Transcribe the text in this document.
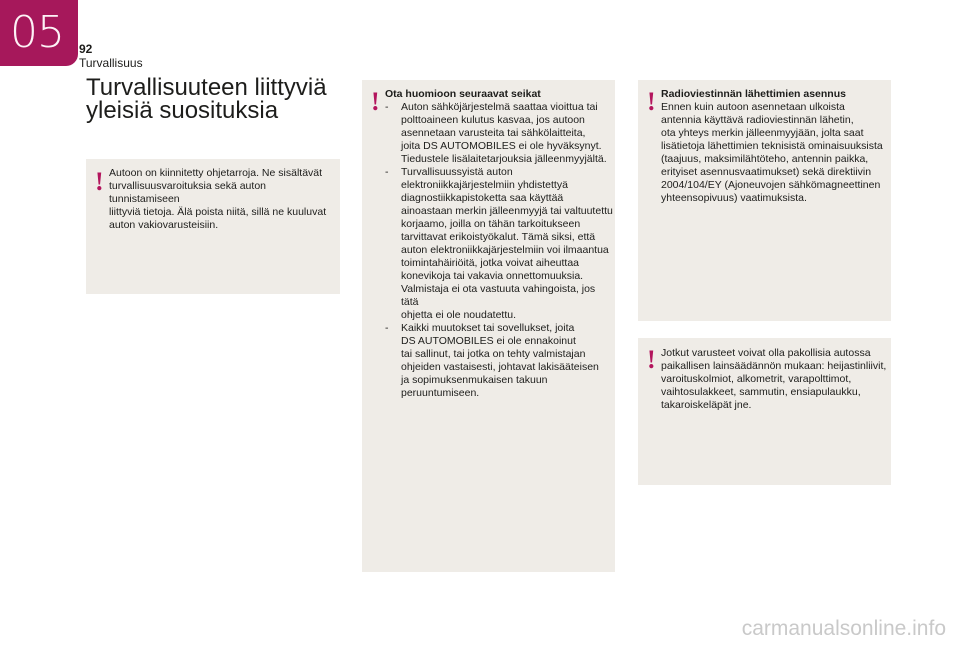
05 92
Turvallisuus
Turvallisuuteen liittyviä
yleisiä suosituksia
! Autoon on kiinnitetty ohjetarroja. Ne sisältävät

turvallisuusvaroituksia sekä auton tunnistamiseen

liittyviä tietoja. Älä poista niitä, sillä ne kuuluvat

auton vakiovarusteisiin.

! Ota huomioon seuraavat seikat

- Auton sähköjärjestelmä saattaa vioittua tai

polttoaineen kulutus kasvaa, jos autoon

asennetaan varusteita tai sähkölaitteita,

joita DS AUTOMOBILES ei ole hyväksynyt.

Tiedustele lisälaitetarjouksia jälleenmyyjältä.

- Turvallisuussyistä auton

elektroniikkajärjestelmiin yhdistettyä

diagnostiikkapistoketta saa käyttää

ainoastaan merkin jälleenmyyjä tai valtuutettu

korjaamo, joilla on tähän tarkoitukseen

tarvittavat erikoistyökalut. Tämä siksi, että

auton elektroniikkajärjestelmiin voi ilmaantua

toimintahäiriöitä, jotka voivat aiheuttaa

konevikoja tai vakavia onnettomuuksia.

Valmistaja ei ota vastuuta vahingoista, jos tätä

ohjetta ei ole noudatettu.

- Kaikki muutokset tai sovellukset, joita

DS AUTOMOBILES ei ole ennakoinut

tai sallinut, tai jotka on tehty valmistajan

ohjeiden vastaisesti, johtavat lakisääteisen

ja sopimuksenmukaisen takuun

peruuntumiseen.

! Radioviestinnän lähettimien asennus

Ennen kuin autoon asennetaan ulkoista

antennia käyttävä radioviestinnän lähetin,

ota yhteys merkin jälleenmyyjään, jolta saat

lisätietoja lähettimien teknisistä ominaisuuksista

(taajuus, maksimilähtöteho, antennin paikka,

erityiset asennusvaatimukset) sekä direktiivin

2004/104/EY (Ajoneuvojen sähkömagneettinen

yhteensopivuus) vaatimuksista.

! Jotkut varusteet voivat olla pakollisia autossa

paikallisen lainsäädännön mukaan: heijastinliivit,

varoituskolmiot, alkometrit, varapolttimot,

vaihtosulakkeet, sammutin, ensiapulaukku,

takaroiskeläpät jne.

carmanualsonline.info
